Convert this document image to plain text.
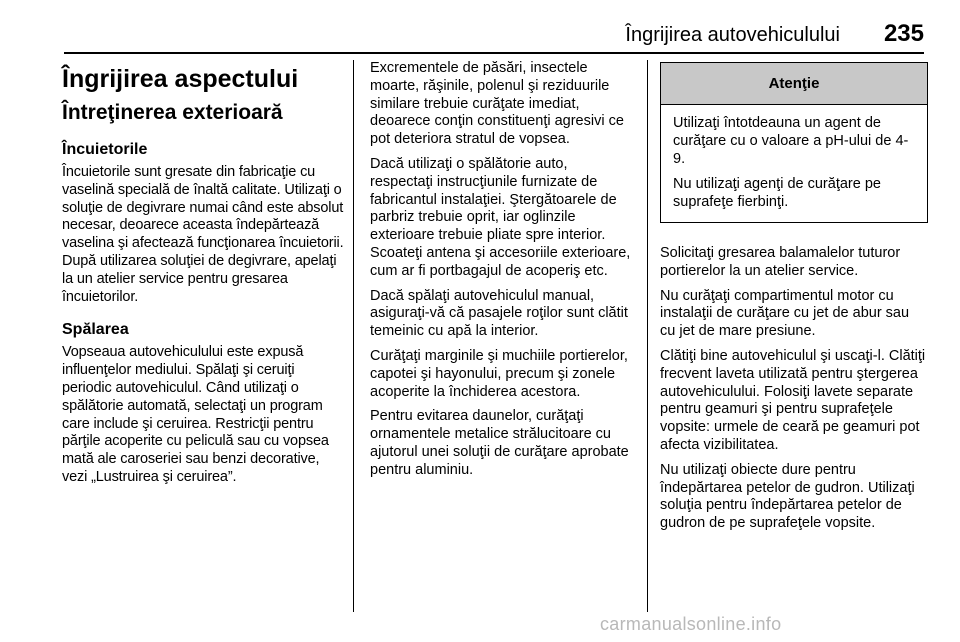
Îngrijirea autovehiculului 235
Îngrijirea aspectului
Întreţinerea exterioară
Încuietorile

Încuietorile sunt gresate din fabricaţie cu vaselină specială de înaltă calitate. Utilizaţi o soluţie de degivrare numai când este absolut necesar, deoarece aceasta îndepărtează vaselina şi afectează funcţionarea încuietorii. După utilizarea soluţiei de degivrare, apelaţi la un atelier service pentru gresarea încuietorilor.

Spălarea

Vopseaua autovehiculului este expusă influenţelor mediului. Spălaţi şi ceruiţi periodic autovehiculul. Când utilizaţi o spălătorie automată, selectaţi un program care include şi ceruirea. Restricţii pentru părţile acoperite cu peliculă sau cu vopsea mată ale caroseriei sau benzi decorative, vezi „Lustruirea şi ceruirea”.

Excrementele de păsări, insectele moarte, răşinile, polenul şi reziduurile similare trebuie curăţate imediat, deoarece conţin constituenţi agresivi ce pot deteriora stratul de vopsea.

Dacă utilizaţi o spălătorie auto, respectaţi instrucţiunile furnizate de fabricantul instalaţiei. Ştergătoarele de parbriz trebuie oprit, iar oglinzile exterioare trebuie pliate spre interior. Scoateţi antena şi accesoriile exterioare, cum ar fi portbagajul de acoperiş etc.

Dacă spălaţi autovehiculul manual, asiguraţi-vă că pasajele roţilor sunt clătit temeinic cu apă la interior.

Curăţaţi marginile şi muchiile portierelor, capotei şi hayonului, precum şi zonele acoperite la închiderea acestora.

Pentru evitarea daunelor, curăţaţi ornamentele metalice strălucitoare cu ajutorul unei soluţii de curăţare aprobate pentru aluminiu.

Atenţie

Utilizaţi întotdeauna un agent de curăţare cu o valoare a pH-ului de 4-9.

Nu utilizaţi agenţi de curăţare pe suprafeţe fierbinţi.

Solicitaţi gresarea balamalelor tuturor portierelor la un atelier service.

Nu curăţaţi compartimentul motor cu instalaţii de curăţare cu jet de abur sau cu jet de mare presiune.

Clătiţi bine autovehiculul şi uscaţi-l. Clătiţi frecvent laveta utilizată pentru ştergerea autovehiculului. Folosiţi lavete separate pentru geamuri şi pentru suprafeţele vopsite: urmele de ceară pe geamuri pot afecta vizibilitatea.

Nu utilizaţi obiecte dure pentru îndepărtarea petelor de gudron. Utilizaţi soluţia pentru îndepărtarea petelor de gudron de pe suprafeţele vopsite.

carmanualsonline.info
